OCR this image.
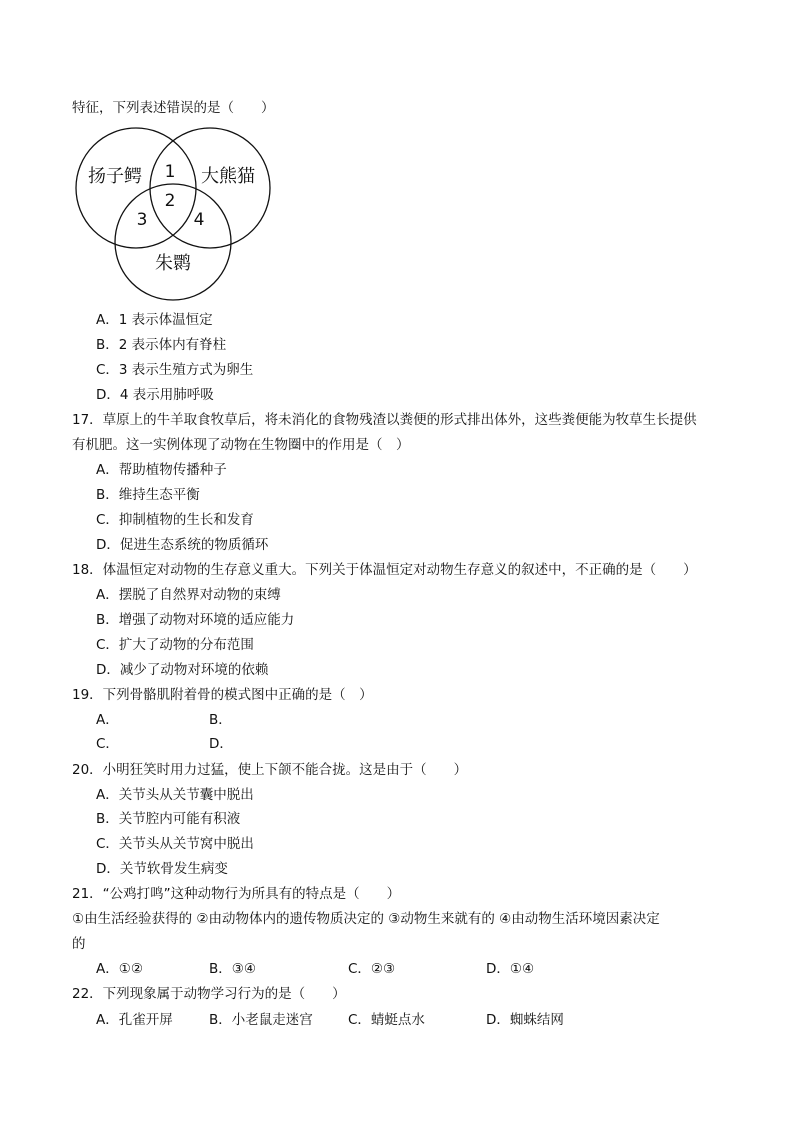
特征，下列表述错误的是（　　）
扬子鳄	大熊猫
朱鹮
1
2
3	4
A．1 表示体温恒定
B．2 表示体内有脊柱
C．3 表示生殖方式为卵生
D．4 表示用肺呼吸
17．草原上的牛羊取食牧草后，将未消化的食物残渣以粪便的形式排出体外，这些粪便能为牧草生长提供
有机肥。这一实例体现了动物在生物圈中的作用是（　）
A．帮助植物传播种子
B．维持生态平衡
C．抑制植物的生长和发育
D．促进生态系统的物质循环
18．体温恒定对动物的生存意义重大。下列关于体温恒定对动物生存意义的叙述中，不正确的是（　　）
A．摆脱了自然界对动物的束缚
B．增强了动物对环境的适应能力
C．扩大了动物的分布范围
D．减少了动物对环境的依赖
19．下列骨骼肌附着骨的模式图中正确的是（　）
A．	B．
C．	D．
20．小明狂笑时用力过猛，使上下颌不能合拢。这是由于（　　）
A．关节头从关节囊中脱出
B．关节腔内可能有积液
C．关节头从关节窝中脱出
D．关节软骨发生病变
21．“公鸡打鸣”这种动物行为所具有的特点是（　　）
①由生活经验获得的 ②由动物体内的遗传物质决定的 ③动物生来就有的 ④由动物生活环境因素决定
的
A．①②	B．③④	C．②③	D．①④
22．下列现象属于动物学习行为的是（　　）
A．孔雀开屏	B．小老鼠走迷宫	C．蜻蜓点水	D．蜘蛛结网
